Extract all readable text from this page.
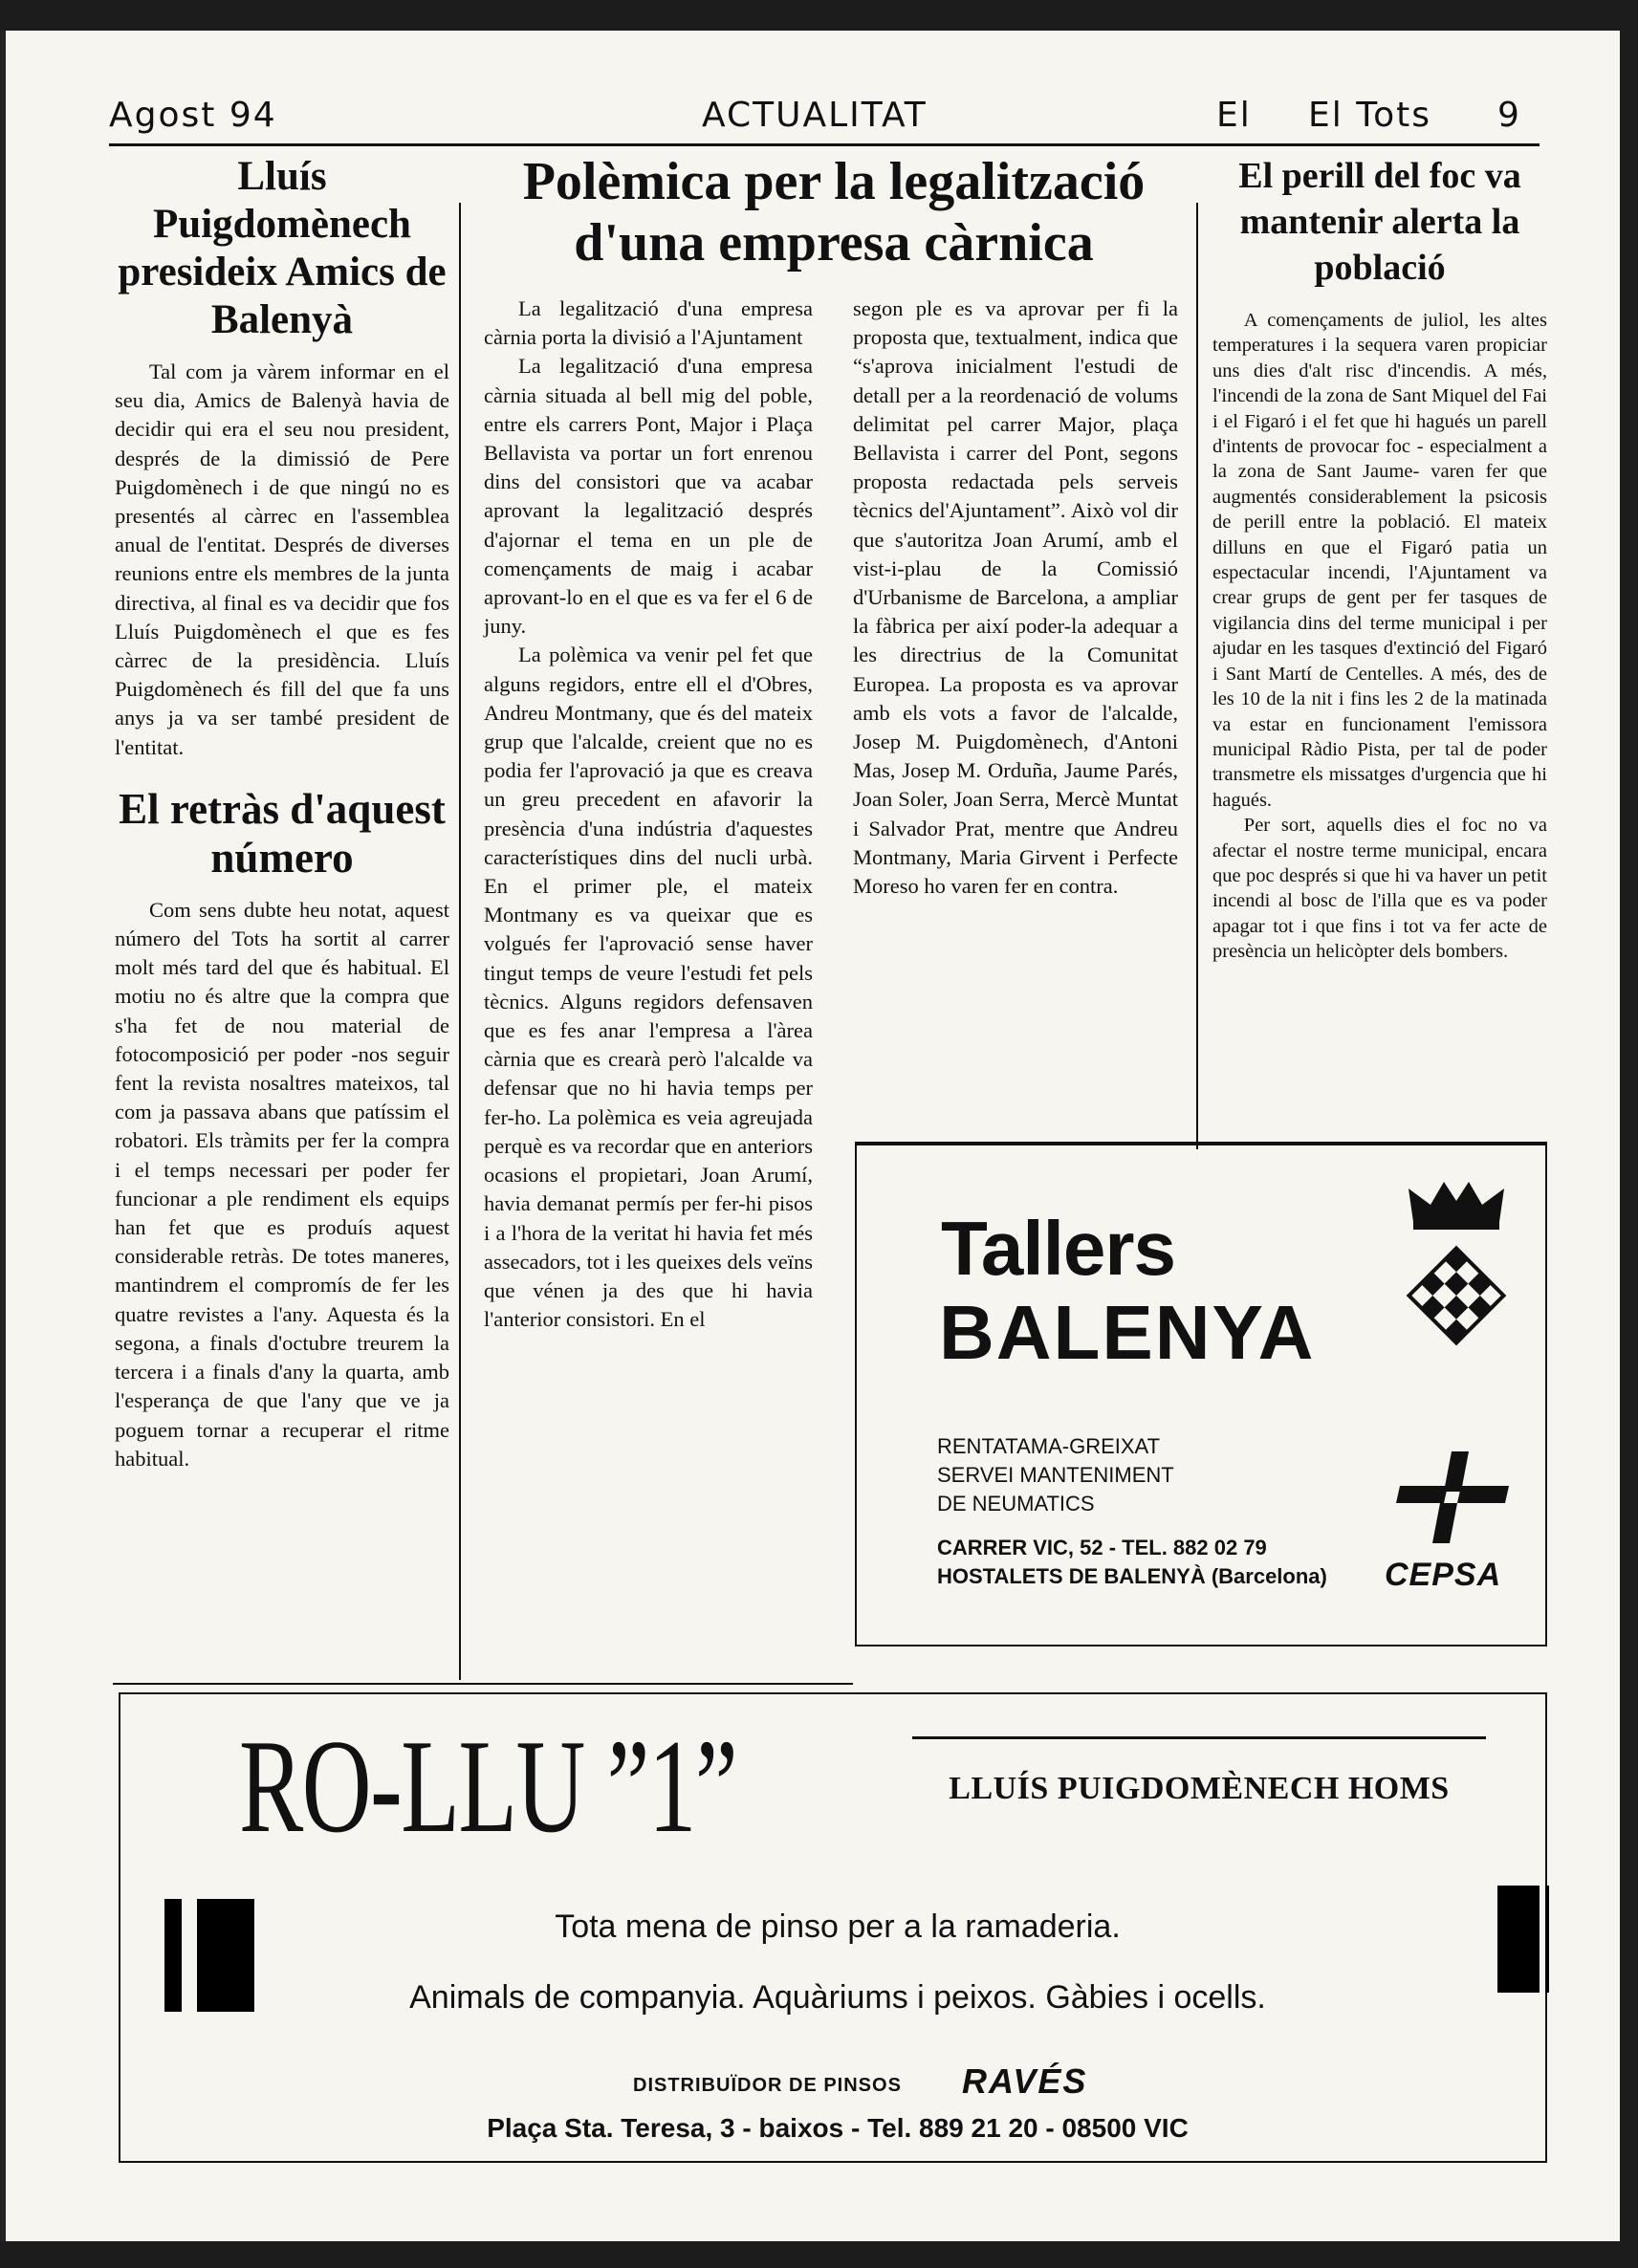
Agost 94	ACTUALITAT	El El Tots 9
Lluís Puigdomènech presideix Amics de Balenyà

Tal com ja vàrem informar en el seu dia, Amics de Balenyà havia de decidir qui era el seu nou president, després de la dimissió de Pere Puigdomènech i de que ningú no es presentés al càrrec en l'assemblea anual de l'entitat. Després de diverses reunions entre els membres de la junta directiva, al final es va decidir que fos Lluís Puigdomènech el que es fes càrrec de la presidència. Lluís Puigdomènech és fill del que fa uns anys ja va ser també president de l'entitat.

El retràs d'aquest número

Com sens dubte heu notat, aquest número del Tots ha sortit al carrer molt més tard del que és habitual. El motiu no és altre que la compra que s'ha fet de nou material de fotocomposició per poder -nos seguir fent la revista nosaltres mateixos, tal com ja passava abans que patíssim el robatori. Els tràmits per fer la compra i el temps necessari per poder fer funcionar a ple rendiment els equips han fet que es produís aquest considerable retràs. De totes maneres, mantindrem el compromís de fer les quatre revistes a l'any. Aquesta és la segona, a finals d'octubre treurem la tercera i a finals d'any la quarta, amb l'esperança de que l'any que ve ja poguem tornar a recuperar el ritme habitual.

Polèmica per la legalització d'una empresa càrnica

La legalització d'una empresa càrnia porta la divisió a l'Ajuntament

La legalització d'una empresa càrnia situada al bell mig del poble, entre els carrers Pont, Major i Plaça Bellavista va portar un fort enrenou dins del consistori que va acabar aprovant la legalització després d'ajornar el tema en un ple de començaments de maig i acabar aprovant-lo en el que es va fer el 6 de juny.

La polèmica va venir pel fet que alguns regidors, entre ell el d'Obres, Andreu Montmany, que és del mateix grup que l'alcalde, creient que no es podia fer l'aprovació ja que es creava un greu precedent en afavorir la presència d'una indústria d'aquestes característiques dins del nucli urbà. En el primer ple, el mateix Montmany es va queixar que es volgués fer l'aprovació sense haver tingut temps de veure l'estudi fet pels tècnics. Alguns regidors defensaven que es fes anar l'empresa a l'àrea càrnia que es crearà però l'alcalde va defensar que no hi havia temps per fer-ho. La polèmica es veia agreujada perquè es va recordar que en anteriors ocasions el propietari, Joan Arumí, havia demanat permís per fer-hi pisos i a l'hora de la veritat hi havia fet més assecadors, tot i les queixes dels veïns que vénen ja des que hi havia l'anterior consistori. En el

segon ple es va aprovar per fi la proposta que, textualment, indica que “s'aprova inicialment l'estudi de detall per a la reordenació de volums delimitat pel carrer Major, plaça Bellavista i carrer del Pont, segons proposta redactada pels serveis tècnics del'Ajuntament”. Això vol dir que s'autoritza Joan Arumí, amb el vist-i-plau de la Comissió d'Urbanisme de Barcelona, a ampliar la fàbrica per així poder-la adequar a les directrius de la Comunitat Europea. La proposta es va aprovar amb els vots a favor de l'alcalde, Josep M. Puigdomènech, d'Antoni Mas, Josep M. Orduña, Jaume Parés, Joan Soler, Joan Serra, Mercè Muntat i Salvador Prat, mentre que Andreu Montmany, Maria Girvent i Perfecte Moreso ho varen fer en contra.

El perill del foc va mantenir alerta la població

A començaments de juliol, les altes temperatures i la sequera varen propiciar uns dies d'alt risc d'incendis. A més, l'incendi de la zona de Sant Miquel del Fai i el Figaró i el fet que hi hagués un parell d'intents de provocar foc - especialment a la zona de Sant Jaume- varen fer que augmentés considerablement la psicosis de perill entre la població. El mateix dilluns en que el Figaró patia un espectacular incendi, l'Ajuntament va crear grups de gent per fer tasques de vigilancia dins del terme municipal i per ajudar en les tasques d'extinció del Figaró i Sant Martí de Centelles. A més, des de les 10 de la nit i fins les 2 de la matinada va estar en funcionament l'emissora municipal Ràdio Pista, per tal de poder transmetre els missatges d'urgencia que hi hagués.

Per sort, aquells dies el foc no va afectar el nostre terme municipal, encara que poc després si que hi va haver un petit incendi al bosc de l'illa que es va poder apagar tot i que fins i tot va fer acte de presència un helicòpter dels bombers.

Tallers
BALENYA
RENTATAMA-GREIXAT
SERVEI MANTENIMENT
DE NEUMATICS
CARRER VIC, 52 - TEL. 882 02 79
HOSTALETS DE BALENYÀ (Barcelona) CEPSA
RO-LLU ”1”	LLUÍS PUIGDOMÈNECH HOMS
Tota mena de pinso per a la ramaderia.
Animals de companyia. Aquàriums i peixos. Gàbies i ocells.
DISTRIBUÏDOR DE PINSOS RAVÉS
Plaça Sta. Teresa, 3 - baixos - Tel. 889 21 20 - 08500 VIC
